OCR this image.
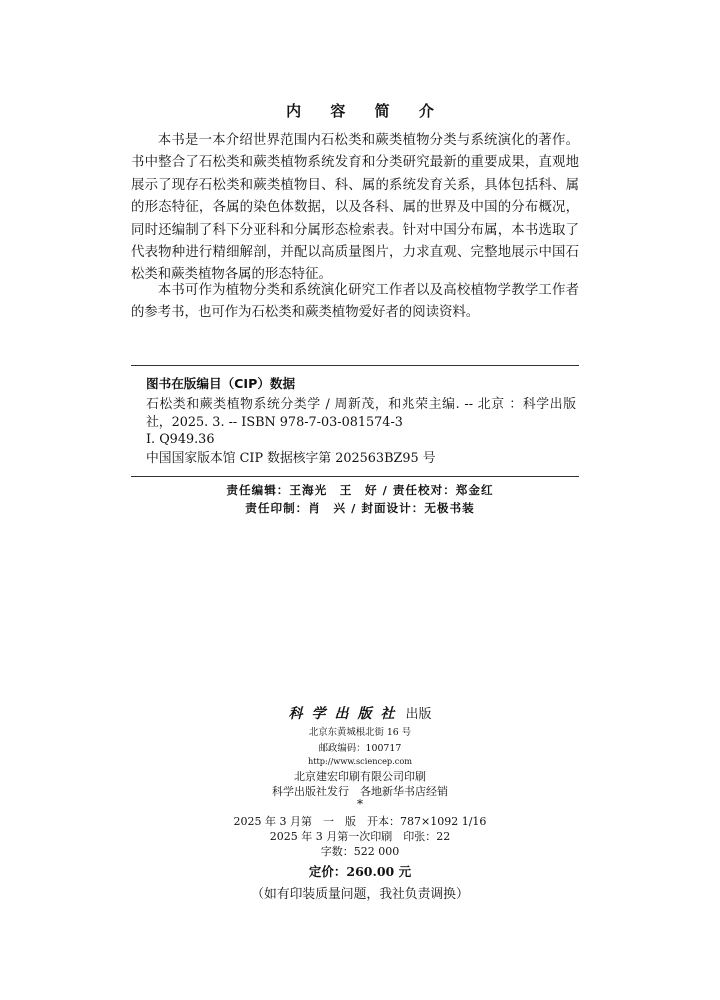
内 容 简 介

本书是一本介绍世界范围内石松类和蕨类植物分类与系统演化的著作。书中整合了石松类和蕨类植物系统发育和分类研究最新的重要成果，直观地展示了现存石松类和蕨类植物目、科、属的系统发育关系，具体包括科、属的形态特征，各属的染色体数据，以及各科、属的世界及中国的分布概况，同时还编制了科下分亚科和分属形态检索表。针对中国分布属，本书选取了代表物种进行精细解剖，并配以高质量图片，力求直观、完整地展示中国石松类和蕨类植物各属的形态特征。

本书可作为植物分类和系统演化研究工作者以及高校植物学教学工作者的参考书，也可作为石松类和蕨类植物爱好者的阅读资料。

图书在版编目（CIP）数据
石松类和蕨类植物系统分类学 / 周新茂，和兆荣主编. -- 北京 ：科学出版社，2025. 3. -- ISBN 978-7-03-081574-3
Ⅰ. Q949.36
中国国家版本馆 CIP 数据核字第 202563BZ95 号
责任编辑：王海光　王　好 / 责任校对：郑金红
责任印制：肖　兴 / 封面设计：无极书装
科学出版社 出版
北京东黄城根北街 16 号
邮政编码：100717
http://www.sciencep.com
北京建宏印刷有限公司印刷
科学出版社发行　各地新华书店经销
*
2025 年 3 月第　一　版　开本：787×1092 1/16
2025 年 3 月第一次印刷　印张：22
字数：522 000
定价：260.00 元
（如有印装质量问题，我社负责调换）
